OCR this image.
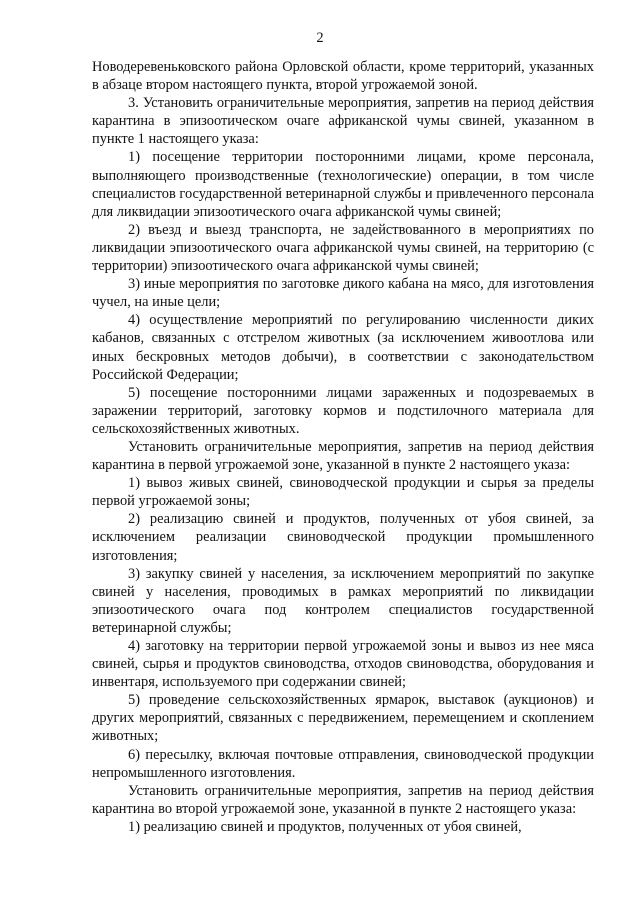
2

Новодеревеньковского района Орловской области, кроме территорий, указанных в абзаце втором настоящего пункта, второй угрожаемой зоной.

3. Установить ограничительные мероприятия, запретив на период действия карантина в эпизоотическом очаге африканской чумы свиней, указанном в пункте 1 настоящего указа:

1) посещение территории посторонними лицами, кроме персонала, выполняющего производственные (технологические) операции, в том числе специалистов государственной ветеринарной службы и привлеченного персонала для ликвидации эпизоотического очага африканской чумы свиней;

2) въезд и выезд транспорта, не задействованного в мероприятиях по ликвидации эпизоотического очага африканской чумы свиней, на территорию (с территории) эпизоотического очага африканской чумы свиней;

3) иные мероприятия по заготовке дикого кабана на мясо, для изготовления чучел, на иные цели;

4) осуществление мероприятий по регулированию численности диких кабанов, связанных с отстрелом животных (за исключением живоотлова или иных бескровных методов добычи), в соответствии с законодательством Российской Федерации;

5) посещение посторонними лицами зараженных и подозреваемых в заражении территорий, заготовку кормов и подстилочного материала для сельскохозяйственных животных.

Установить ограничительные мероприятия, запретив на период действия карантина в первой угрожаемой зоне, указанной в пункте 2 настоящего указа:

1) вывоз живых свиней, свиноводческой продукции и сырья за пределы первой угрожаемой зоны;

2) реализацию свиней и продуктов, полученных от убоя свиней, за исключением реализации свиноводческой продукции промышленного изготовления;

3) закупку свиней у населения, за исключением мероприятий по закупке свиней у населения, проводимых в рамках мероприятий по ликвидации эпизоотического очага под контролем специалистов государственной ветеринарной службы;

4) заготовку на территории первой угрожаемой зоны и вывоз из нее мяса свиней, сырья и продуктов свиноводства, отходов свиноводства, оборудования и инвентаря, используемого при содержании свиней;

5) проведение сельскохозяйственных ярмарок, выставок (аукционов) и других мероприятий, связанных с передвижением, перемещением и скоплением животных;

6) пересылку, включая почтовые отправления, свиноводческой продукции непромышленного изготовления.

Установить ограничительные мероприятия, запретив на период действия карантина во второй угрожаемой зоне, указанной в пункте 2 настоящего указа:

1) реализацию свиней и продуктов, полученных от убоя свиней,
